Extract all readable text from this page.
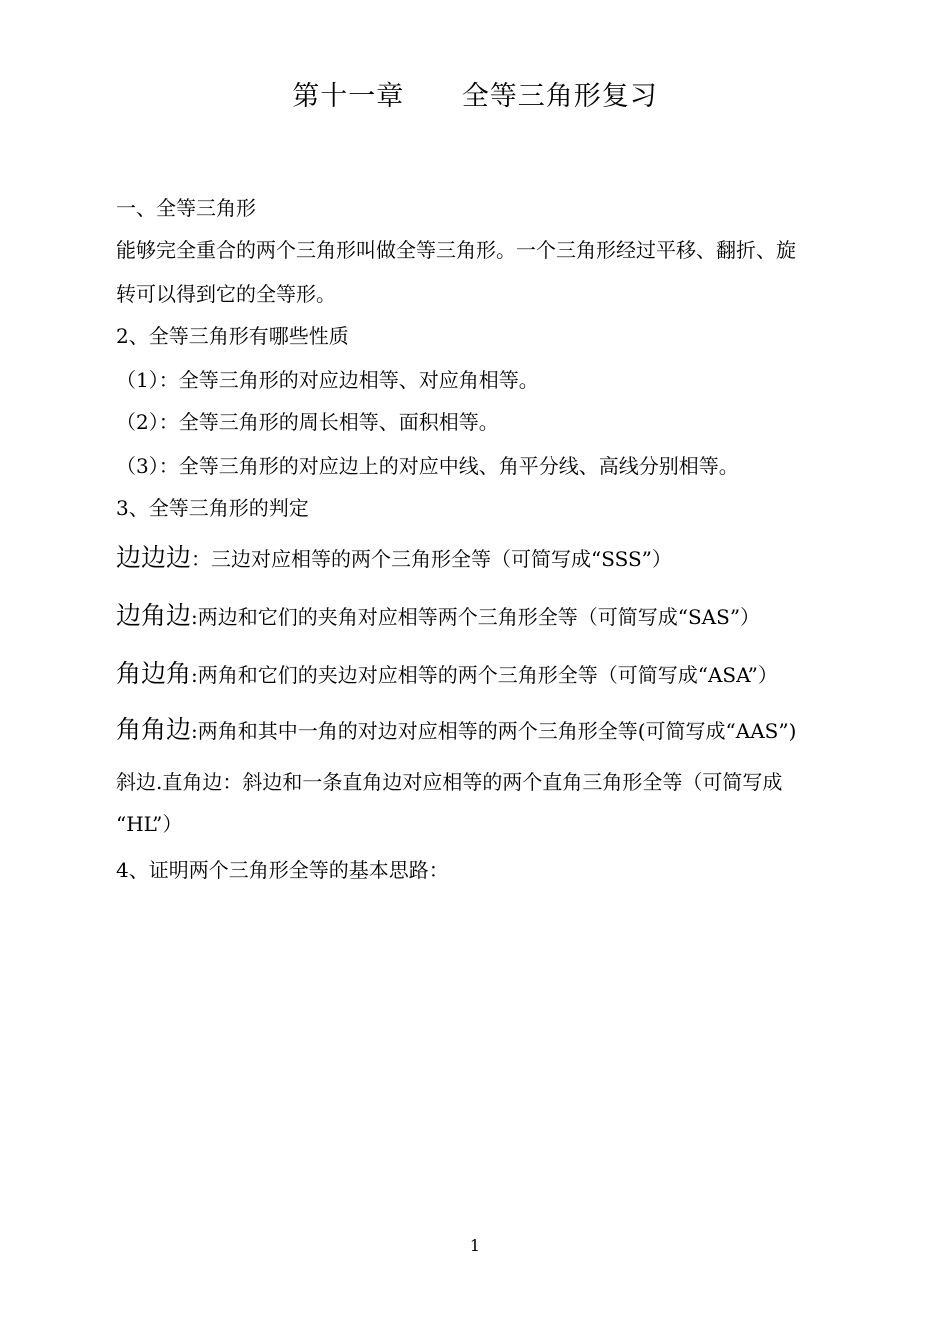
第十一章      全等三角形复习
一、全等三角形
能够完全重合的两个三角形叫做全等三角形。一个三角形经过平移、翻折、旋
转可以得到它的全等形。
2、全等三角形有哪些性质
（1）：全等三角形的对应边相等、对应角相等。
（2）：全等三角形的周长相等、面积相等。
（3）：全等三角形的对应边上的对应中线、角平分线、高线分别相等。
3、全等三角形的判定
边边边：三边对应相等的两个三角形全等（可简写成“SSS”）
边角边:两边和它们的夹角对应相等两个三角形全等（可简写成“SAS”）
角边角:两角和它们的夹边对应相等的两个三角形全等（可简写成“ASA”）
角角边:两角和其中一角的对边对应相等的两个三角形全等(可简写成“AAS”)
斜边.直角边：斜边和一条直角边对应相等的两个直角三角形全等（可简写成
“HL”）
4、证明两个三角形全等的基本思路：
1
